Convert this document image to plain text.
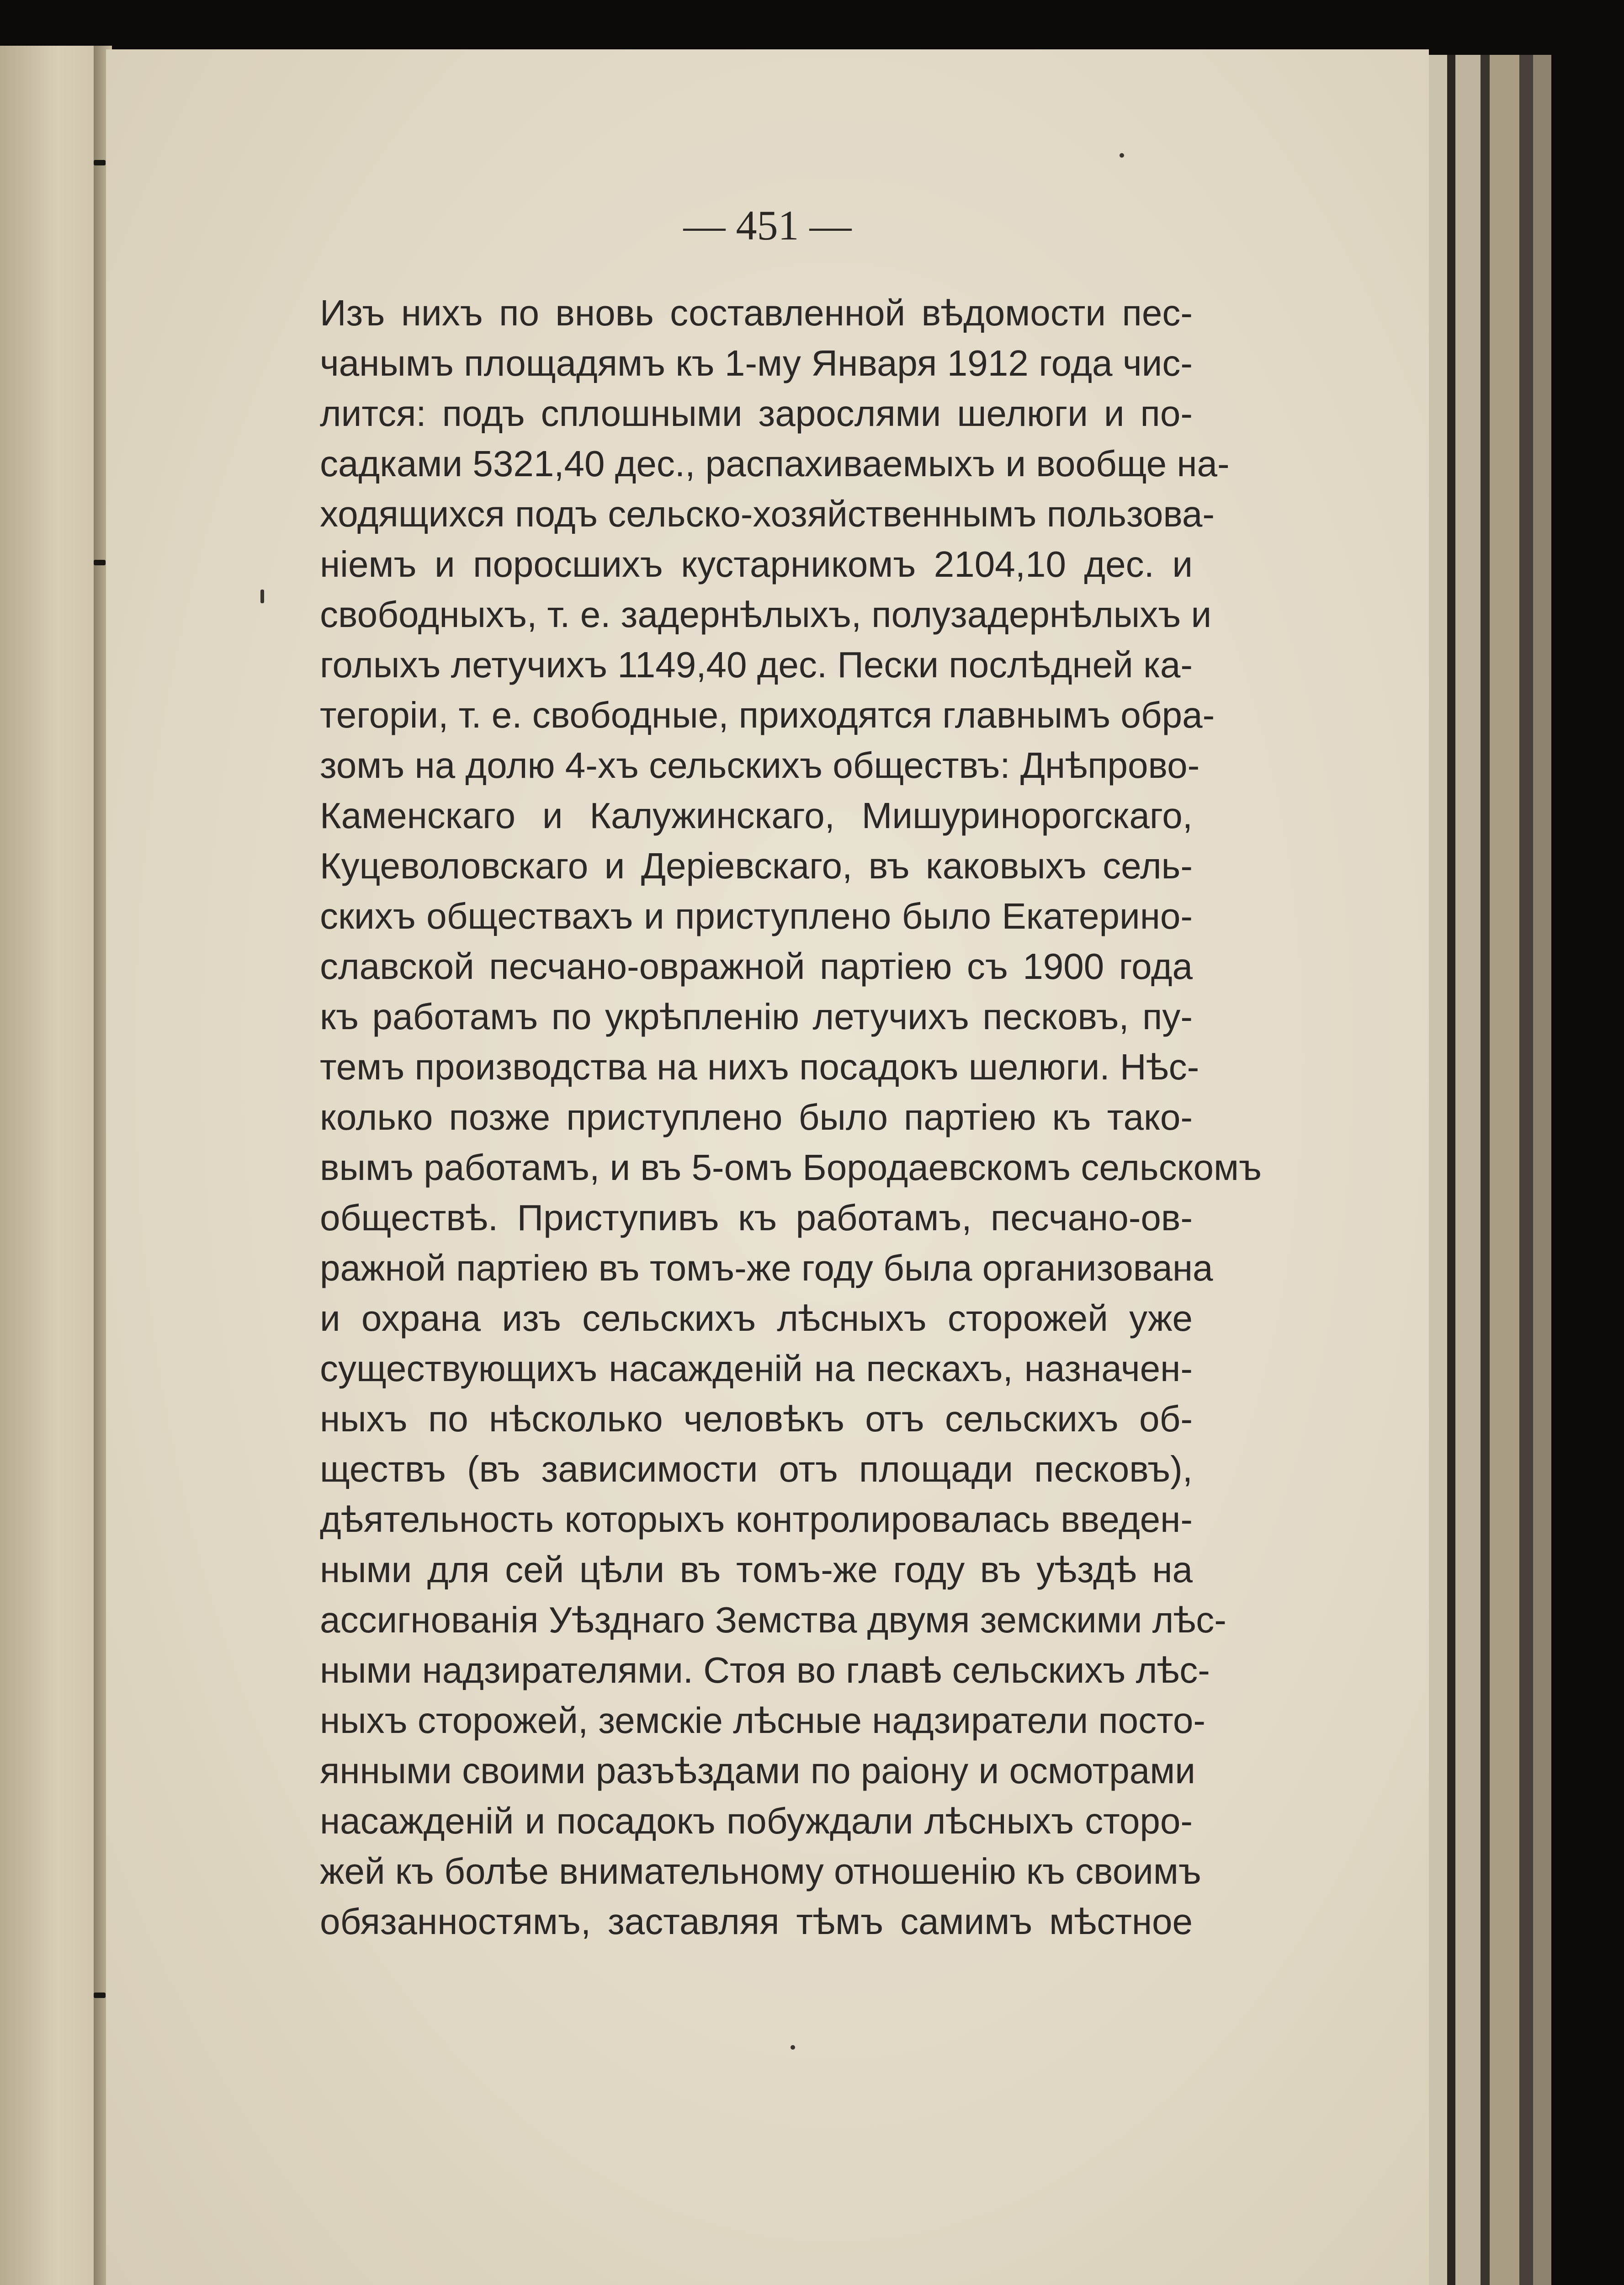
— 451 —
Изъ нихъ по вновь составленной вѣдомости пес-
чанымъ площадямъ къ 1-му Января 1912 года чис-
лится: подъ сплошными зарослями шелюги и по-
садками 5321,40 дес., распахиваемыхъ и вообще на-
ходящихся подъ сельско-хозяйственнымъ пользова-
ніемъ и поросшихъ кустарникомъ 2104,10 дес. и
свободныхъ, т. е. задернѣлыхъ, полузадернѣлыхъ и
голыхъ летучихъ 1149,40 дес. Пески послѣдней ка-
тегоріи, т. е. свободные, приходятся главнымъ обра-
зомъ на долю 4-хъ сельскихъ обществъ: Днѣпрово-
Каменскаго и Калужинскаго, Мишуринорогскаго,
Куцеволовскаго и Деріевскаго, въ каковыхъ сель-
скихъ обществахъ и приступлено было Екатерино-
славской песчано-овражной партіею съ 1900 года
къ работамъ по укрѣпленію летучихъ песковъ, пу-
темъ производства на нихъ посадокъ шелюги. Нѣс-
колько позже приступлено было партіею къ тако-
вымъ работамъ, и въ 5-омъ Бородаевскомъ сельскомъ
обществѣ. Приступивъ къ работамъ, песчано-ов-
ражной партіею въ томъ-же году была организована
и охрана изъ сельскихъ лѣсныхъ сторожей уже
существующихъ насажденій на пескахъ, назначен-
ныхъ по нѣсколько человѣкъ отъ сельскихъ об-
ществъ (въ зависимости отъ площади песковъ),
дѣятельность которыхъ контролировалась введен-
ными для сей цѣли въ томъ-же году въ уѣздѣ на
ассигнованія Уѣзднаго Земства двумя земскими лѣс-
ными надзирателями. Стоя во главѣ сельскихъ лѣс-
ныхъ сторожей, земскіе лѣсные надзиратели посто-
янными своими разъѣздами по раіону и осмотрами
насажденій и посадокъ побуждали лѣсныхъ сторо-
жей къ болѣе внимательному отношенію къ своимъ
обязанностямъ, заставляя тѣмъ самимъ мѣстное
